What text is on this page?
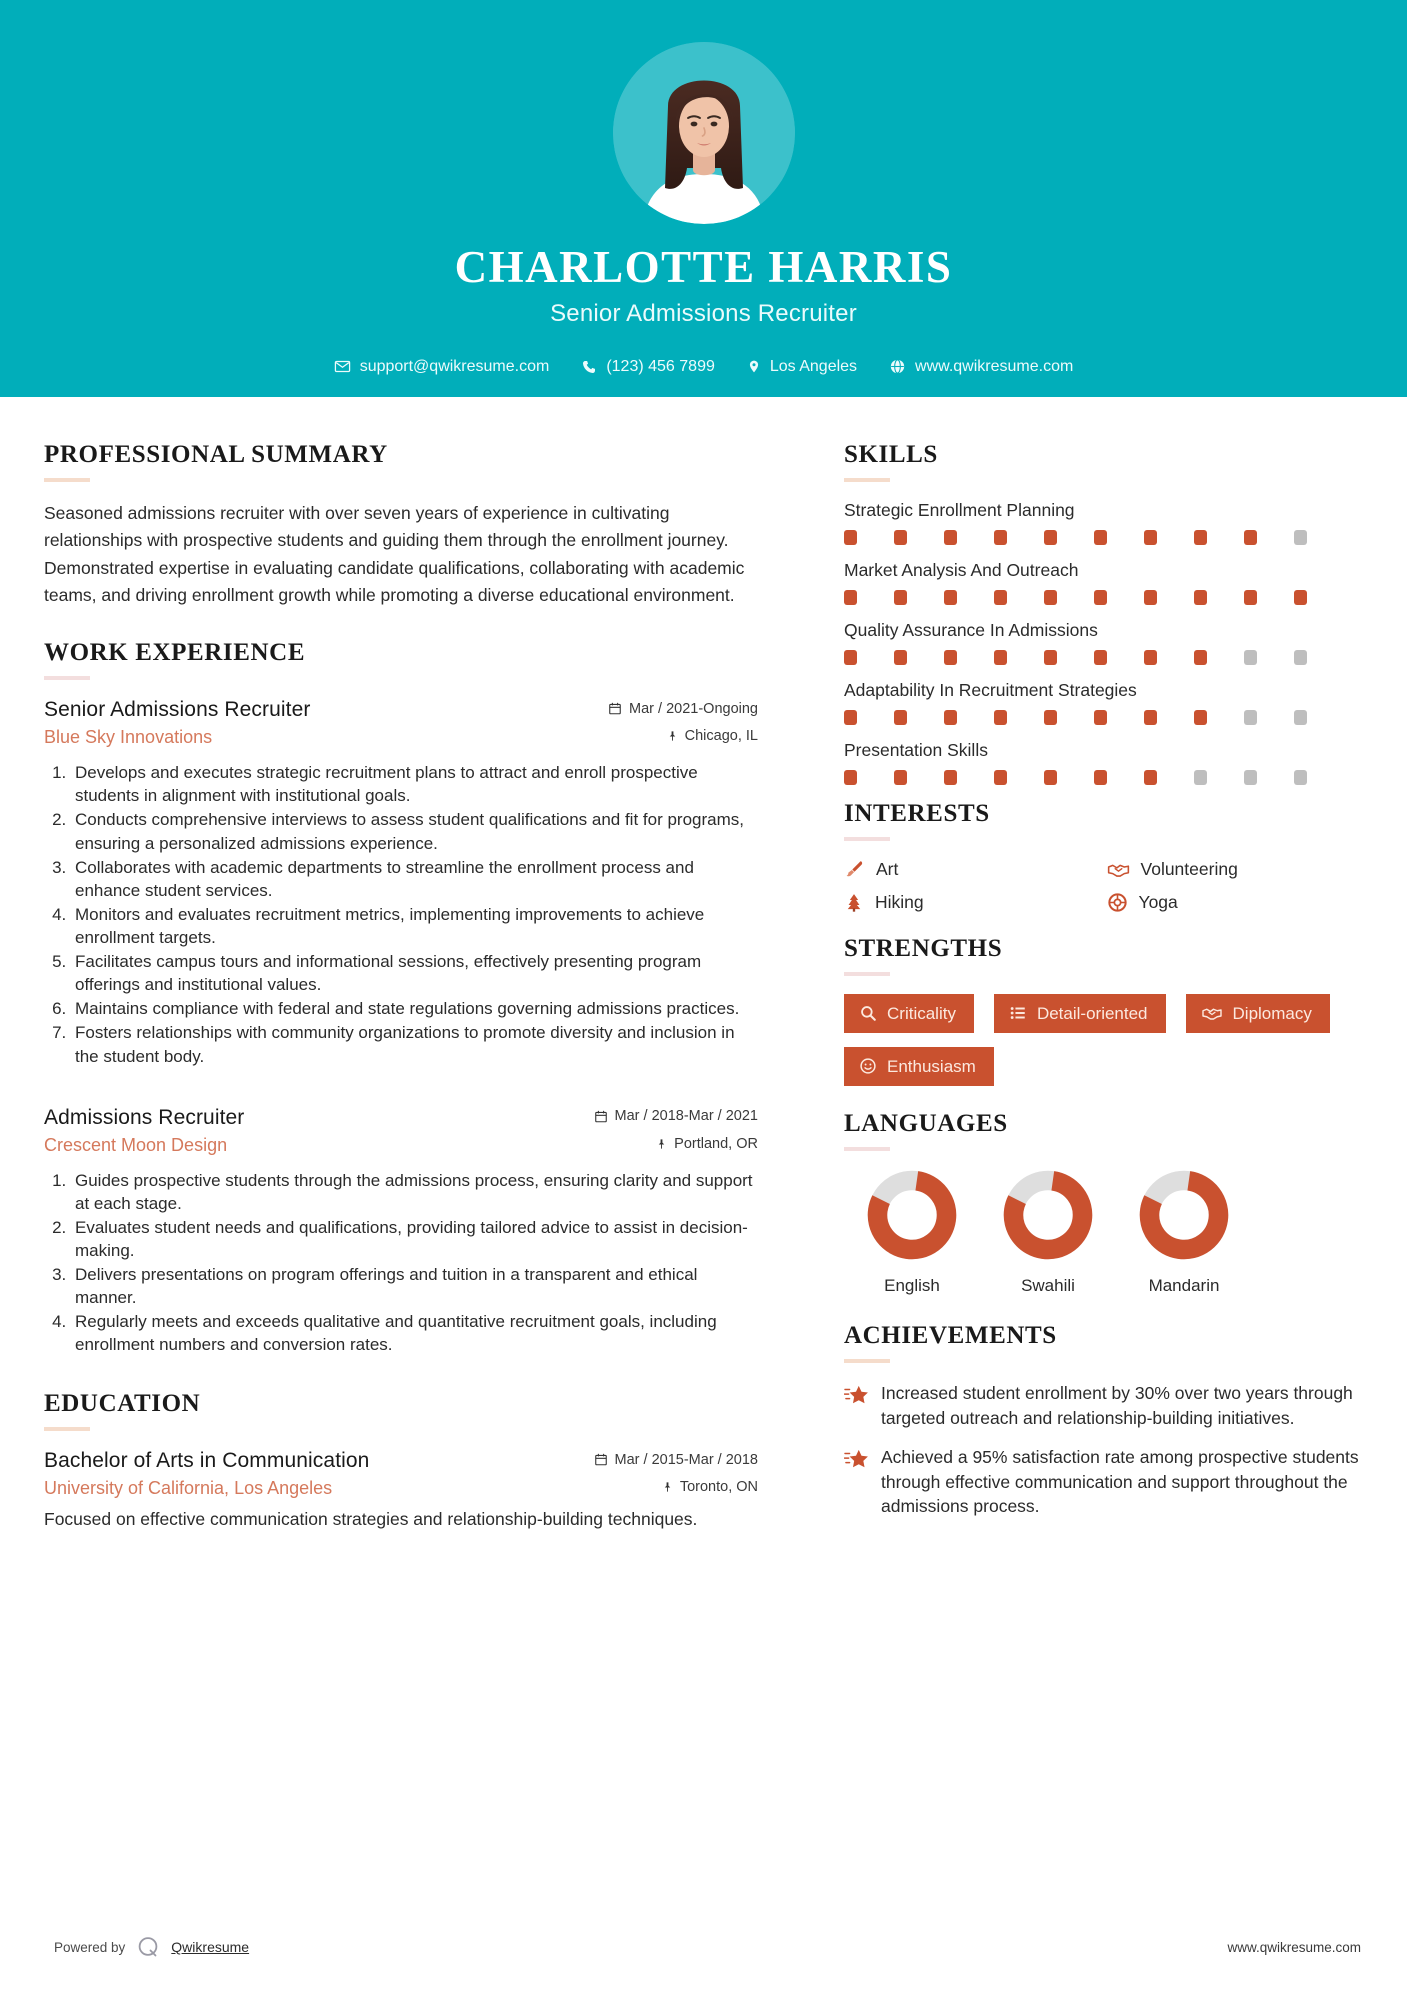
CHARLOTTE HARRIS
Senior Admissions Recruiter
support@qwikresume.com	(123) 456 7899	Los Angeles	www.qwikresume.com
PROFESSIONAL SUMMARY
Seasoned admissions recruiter with over seven years of experience in cultivating relationships with prospective students and guiding them through the enrollment journey. Demonstrated expertise in evaluating candidate qualifications, collaborating with academic teams, and driving enrollment growth while promoting a diverse educational environment.
WORK EXPERIENCE
Senior Admissions Recruiter	Mar / 2021-Ongoing
Blue Sky Innovations	Chicago, IL
1. Develops and executes strategic recruitment plans to attract and enroll prospective students in alignment with institutional goals.
2. Conducts comprehensive interviews to assess student qualifications and fit for programs, ensuring a personalized admissions experience.
3. Collaborates with academic departments to streamline the enrollment process and enhance student services.
4. Monitors and evaluates recruitment metrics, implementing improvements to achieve enrollment targets.
5. Facilitates campus tours and informational sessions, effectively presenting program offerings and institutional values.
6. Maintains compliance with federal and state regulations governing admissions practices.
7. Fosters relationships with community organizations to promote diversity and inclusion in the student body.
Admissions Recruiter	Mar / 2018-Mar / 2021
Crescent Moon Design	Portland, OR
1. Guides prospective students through the admissions process, ensuring clarity and support at each stage.
2. Evaluates student needs and qualifications, providing tailored advice to assist in decision-making.
3. Delivers presentations on program offerings and tuition in a transparent and ethical manner.
4. Regularly meets and exceeds qualitative and quantitative recruitment goals, including enrollment numbers and conversion rates.
EDUCATION
Bachelor of Arts in Communication	Mar / 2015-Mar / 2018
University of California, Los Angeles	Toronto, ON
Focused on effective communication strategies and relationship-building techniques.
SKILLS
Strategic Enrollment Planning
Market Analysis And Outreach
Quality Assurance In Admissions
Adaptability In Recruitment Strategies
Presentation Skills
INTERESTS
Art	Volunteering
Hiking	Yoga
STRENGTHS
Criticality	Detail-oriented	Diplomacy
Enthusiasm
LANGUAGES
English	Swahili	Mandarin
ACHIEVEMENTS
Increased student enrollment by 30% over two years through targeted outreach and relationship-building initiatives.
Achieved a 95% satisfaction rate among prospective students through effective communication and support throughout the admissions process.
Powered by	Qwikresume	www.qwikresume.com
